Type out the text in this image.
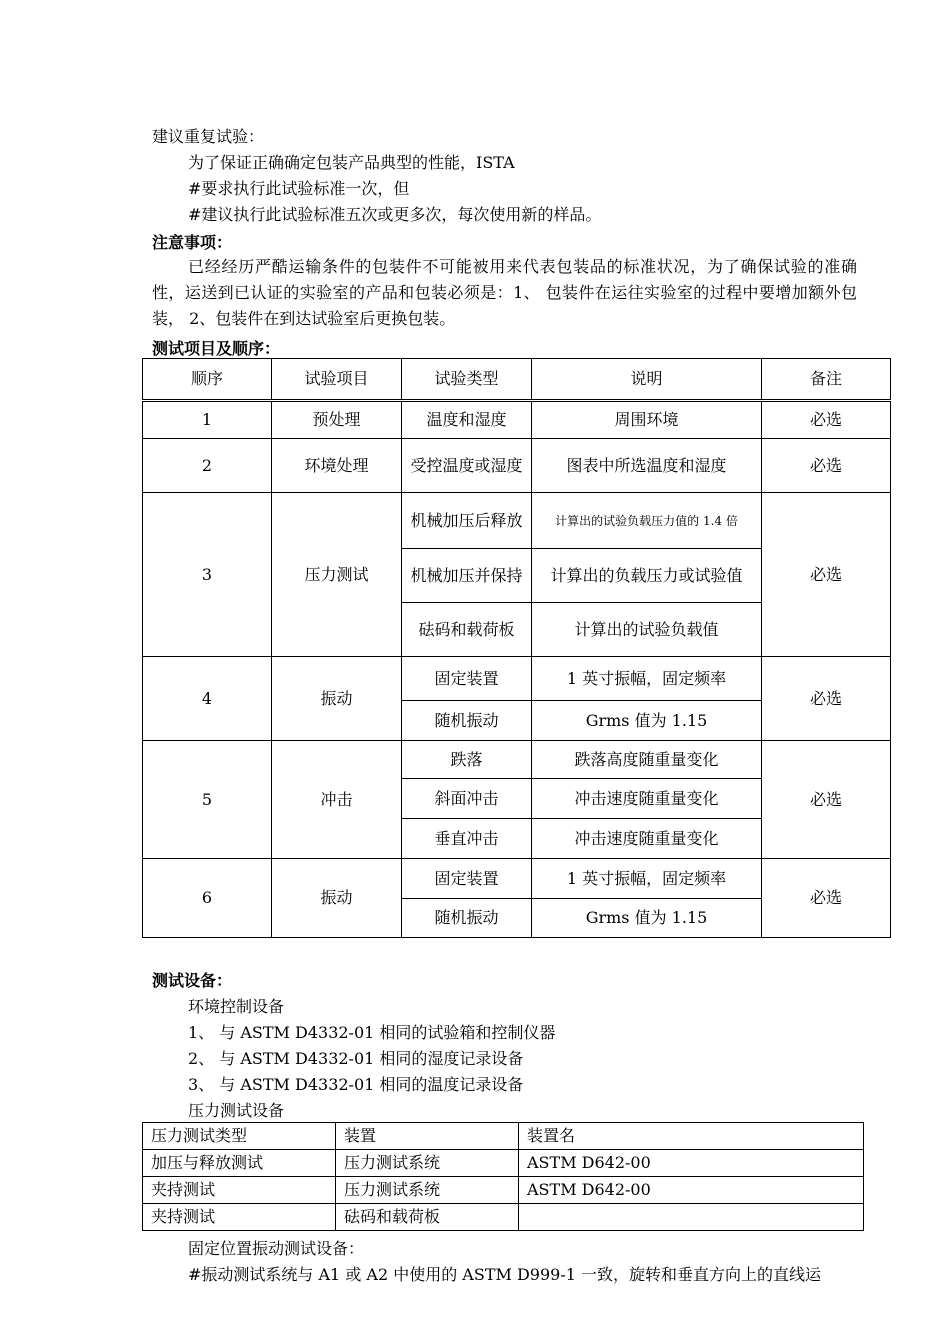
建议重复试验：
为了保证正确确定包装产品典型的性能，ISTA
#要求执行此试验标准一次，但
#建议执行此试验标准五次或更多次，每次使用新的样品。
注意事项：
已经经历严酷运输条件的包装件不可能被用来代表包装品的标准状况，为了确保试验的准确性，运送到已认证的实验室的产品和包装必须是：1、 包装件在运往实验室的过程中要增加额外包装， 2、包装件在到达试验室后更换包装。
测试项目及顺序：
顺序	试验项目	试验类型	说明	备注
1	预处理	温度和湿度	周围环境	必选
2	环境处理	受控温度或湿度	图表中所选温度和湿度	必选
3	压力测试	机械加压后释放	计算出的试验负载压力值的 1.4 倍	必选
		机械加压并保持	计算出的负载压力或试验值	
		砝码和载荷板	计算出的试验负载值	
4	振动	固定装置	1 英寸振幅，固定频率	必选
		随机振动	Grms 值为 1.15	
5	冲击	跌落	跌落高度随重量变化	必选
		斜面冲击	冲击速度随重量变化	
		垂直冲击	冲击速度随重量变化	
6	振动	固定装置	1 英寸振幅，固定频率	必选
		随机振动	Grms 值为 1.15	
测试设备：
环境控制设备
1、 与 ASTM D4332-01 相同的试验箱和控制仪器
2、 与 ASTM D4332-01 相同的湿度记录设备
3、 与 ASTM D4332-01 相同的温度记录设备
压力测试设备
压力测试类型	装置	装置名
加压与释放测试	压力测试系统	ASTM D642-00
夹持测试	压力测试系统	ASTM D642-00
夹持测试	砝码和载荷板	
固定位置振动测试设备：
#振动测试系统与 A1 或 A2 中使用的 ASTM D999-1 一致，旋转和垂直方向上的直线运
